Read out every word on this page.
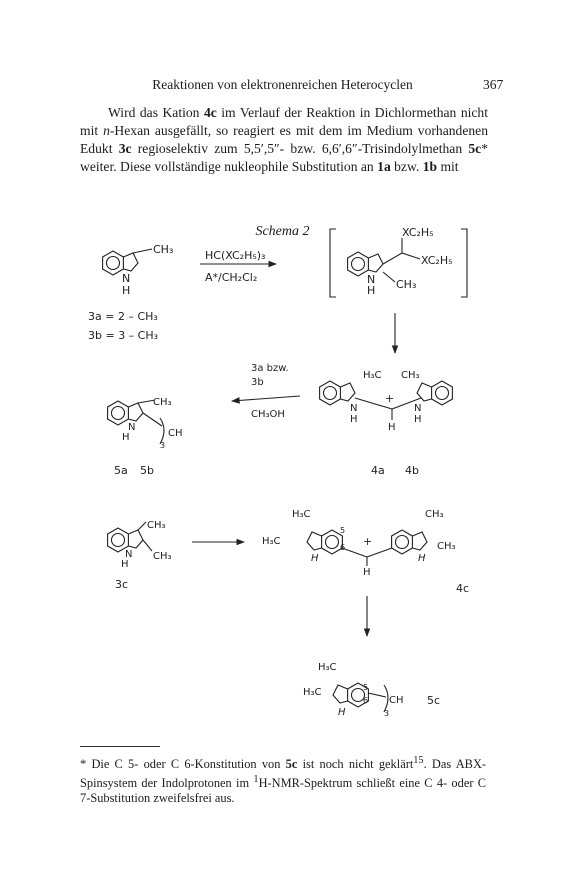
Reaktionen von elektronenreichen Heterocyclen	367

Wird das Kation 4c im Verlauf der Reaktion in Dichlormethan nicht mit n-Hexan ausgefällt, so reagiert es mit dem im Medium vorhandenen Edukt 3c regioselektiv zum 5,5′,5″- bzw. 6,6′,6″-Trisindolylmethan 5c* weiter. Diese vollständige nukleophile Substitution an 1a bzw. 1b mit

Schema 2
CH₃
N
H
3a = 2 – CH₃
3b = 3 – CH₃
HC(XC₂H₅)₃
A*/CH₂Cl₂
XC₂H₅
XC₂H₅
CH₃
N
H
H₃C CH₃
+
N
H
H
N
H
4a 4b
3a bzw.
3b
CH₃OH
CH₃
CH
3
N
H
5a 5b
CH₃
CH₃
N
H
3c
H₃C
H₃C
CH₃
CH₃
5
6 +
H
H
H
4c
H₃C
H₃C	5
6 CH
3
H
5c

* Die C 5- oder C 6-Konstitution von 5c ist noch nicht geklärt$^{15}$. Das ABX-Spinsystem der Indolprotonen im $^1$H-NMR-Spektrum schließt eine C 4- oder C 7-Substitution zweifelsfrei aus.
